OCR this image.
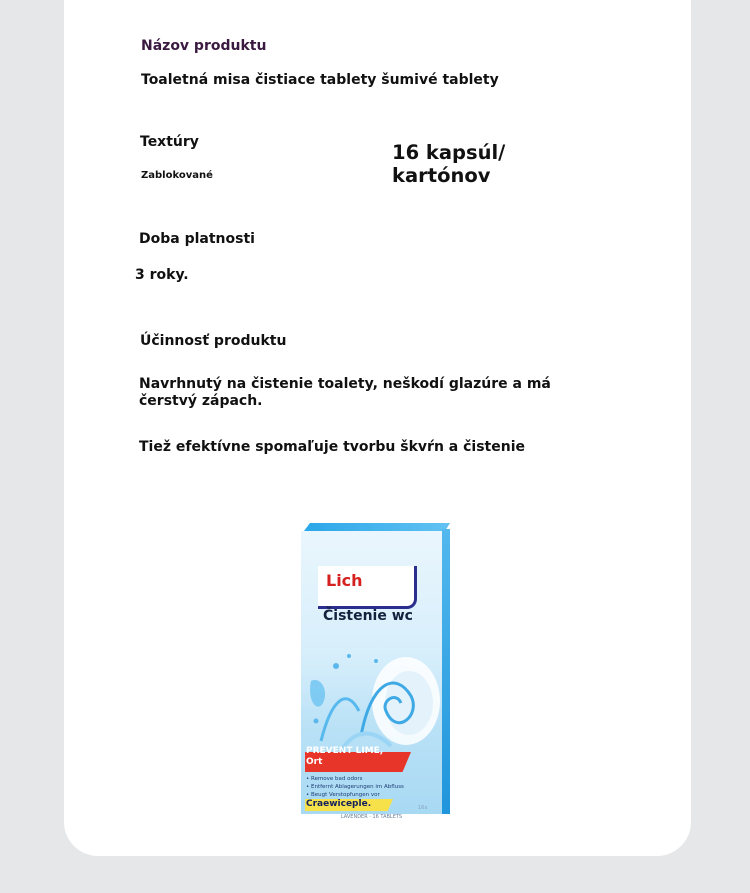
Názov produktu
Toaletná misa čistiace tablety šumivé tablety
Textúry
Zablokované
16 kapsúl/
kartónov
Doba platnosti
3 roky.
Účinnosť produktu
Navrhnutý na čistenie toalety, neškodí glazúre a má
čerstvý zápach.
Tiež efektívne spomaľuje tvorbu škvŕn a čistenie
Lich
Čistenie wc
PREVENT LIME,
Ort
• Remove bad odors
• Entfernt Ablagerungen im Abfluss
• Beugt Verstopfungen vor
Craewiceple.
LAVENDER · 16 TABLETS
16x
